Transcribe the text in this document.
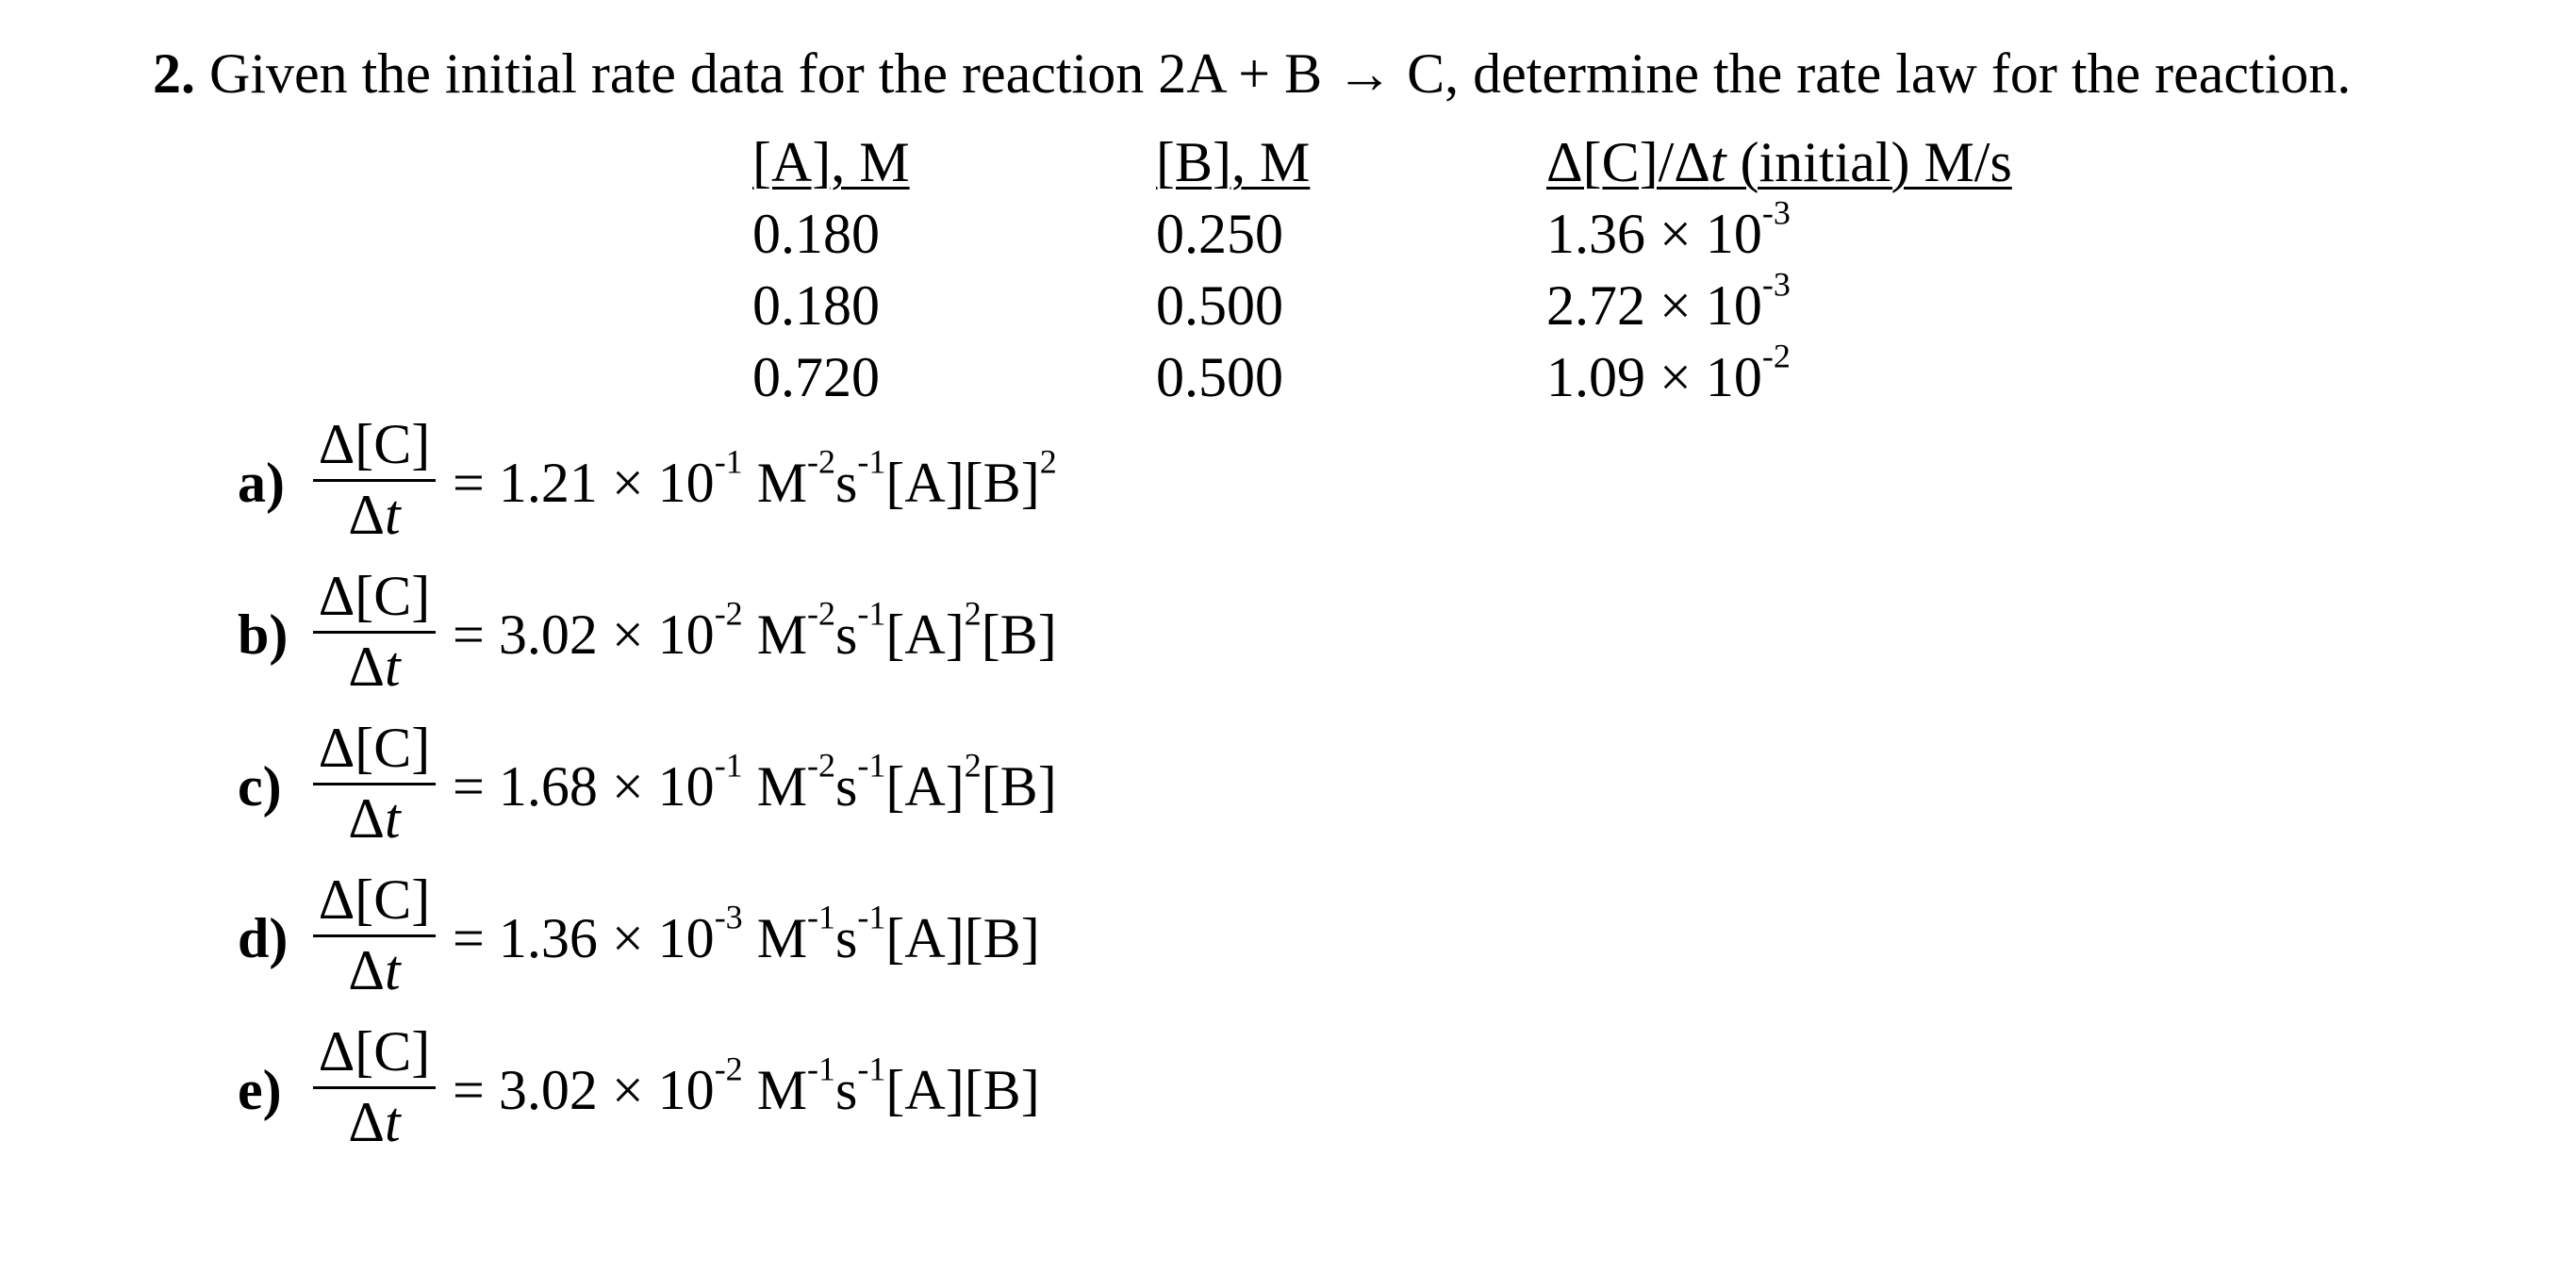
2. Given the initial rate data for the reaction 2A + B → C, determine the rate law for the reaction.
[A], M
0.180
0.180
0.720
[B], M
0.250
0.500
0.500
Δ[C]/Δt (initial) M/s
$1.36 \times 10^{-3}$
$2.72 \times 10^{-3}$
$1.09 \times 10^{-2}$
a)
Δ[C]
Δt
= $1.21 \times 10^{-1}$ $M^{-2}s^{-1}[A][B]^2$
b)
Δ[C]
Δt
= $3.02 \times 10^{-2}$ $M^{-2}s^{-1}[A]^2[B]$
c)
Δ[C]
Δt
= $1.68 \times 10^{-1}$ $M^{-2}s^{-1}[A]^2[B]$
d)
Δ[C]
Δt
= $1.36 \times 10^{-3}$ $M^{-1}s^{-1}[A][B]$
e)
Δ[C]
Δt
= $3.02 \times 10^{-2}$ $M^{-1}s^{-1}[A][B]$
